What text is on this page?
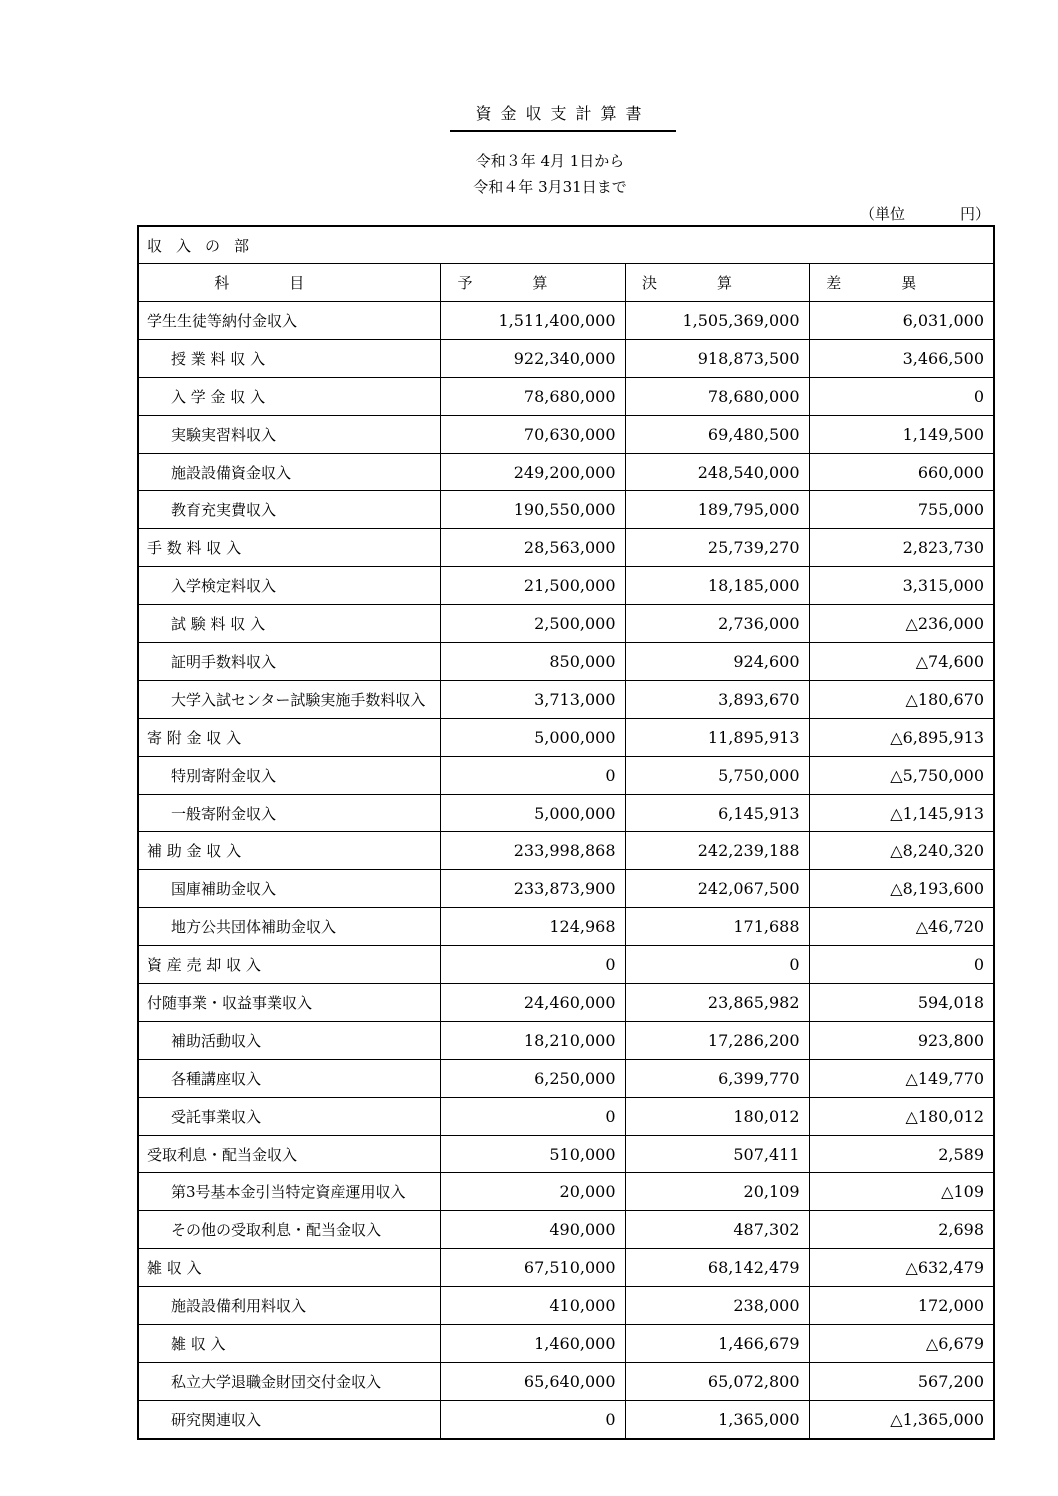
資金収支計算書
令和３年 4月 1日から
令和４年 3月31日まで
（単位	円）
収入の部			
科目	予算	決算	差異
学生生徒等納付金収入	1,511,400,000	1,505,369,000	6,031,000
授 業 料 収 入	922,340,000	918,873,500	3,466,500
入 学 金 収 入	78,680,000	78,680,000	0
実験実習料収入	70,630,000	69,480,500	1,149,500
施設設備資金収入	249,200,000	248,540,000	660,000
教育充実費収入	190,550,000	189,795,000	755,000
手 数 料 収 入	28,563,000	25,739,270	2,823,730
入学検定料収入	21,500,000	18,185,000	3,315,000
試 験 料 収 入	2,500,000	2,736,000	△236,000
証明手数料収入	850,000	924,600	△74,600
大学入試センター試験実施手数料収入	3,713,000	3,893,670	△180,670
寄 附 金 収 入	5,000,000	11,895,913	△6,895,913
特別寄附金収入	0	5,750,000	△5,750,000
一般寄附金収入	5,000,000	6,145,913	△1,145,913
補 助 金 収 入	233,998,868	242,239,188	△8,240,320
国庫補助金収入	233,873,900	242,067,500	△8,193,600
地方公共団体補助金収入	124,968	171,688	△46,720
資 産 売 却 収 入	0	0	0
付随事業・収益事業収入	24,460,000	23,865,982	594,018
補助活動収入	18,210,000	17,286,200	923,800
各種講座収入	6,250,000	6,399,770	△149,770
受託事業収入	0	180,012	△180,012
受取利息・配当金収入	510,000	507,411	2,589
第3号基本金引当特定資産運用収入	20,000	20,109	△109
その他の受取利息・配当金収入	490,000	487,302	2,698
雑 収 入	67,510,000	68,142,479	△632,479
施設設備利用料収入	410,000	238,000	172,000
雑 収 入	1,460,000	1,466,679	△6,679
私立大学退職金財団交付金収入	65,640,000	65,072,800	567,200
研究関連収入	0	1,365,000	△1,365,000
